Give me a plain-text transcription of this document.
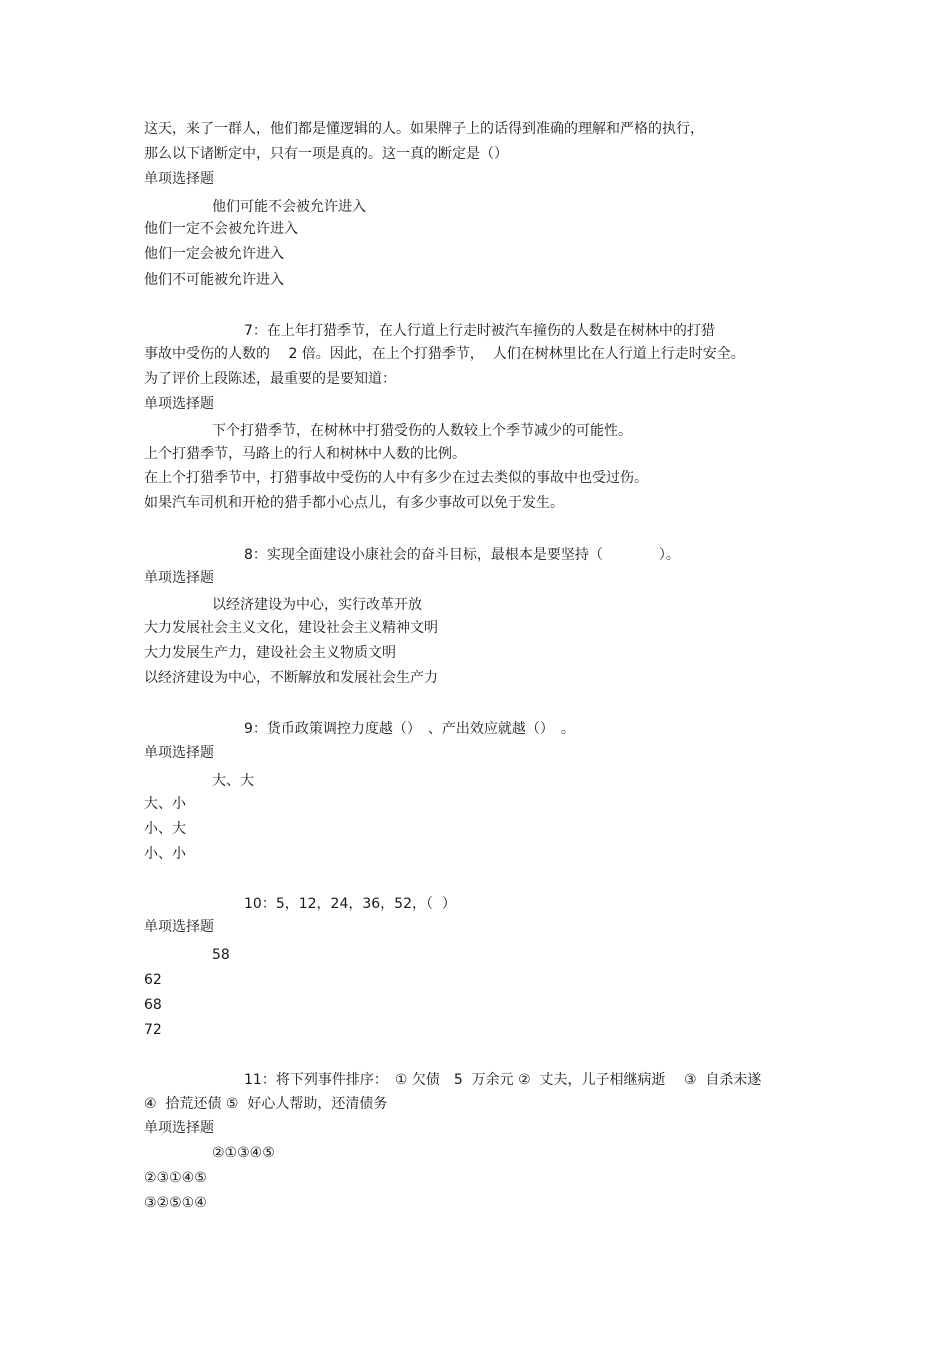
这天，来了一群人，他们都是懂逻辑的人。如果牌子上的话得到准确的理解和严格的执行，
那么以下诸断定中，只有一项是真的。这一真的断定是（）
单项选择题
他们可能不会被允许进入
他们一定不会被允许进入
他们一定会被允许进入
他们不可能被允许进入
7：在上年打猎季节，在人行道上行走时被汽车撞伤的人数是在树林中的打猎
事故中受伤的人数的　 2 倍。因此，在上个打猎季节，  人们在树林里比在人行道上行走时安全。
为了评价上段陈述，最重要的是要知道：
单项选择题
下个打猎季节，在树林中打猎受伤的人数较上个季节减少的可能性。
上个打猎季节，马路上的行人和树林中人数的比例。
在上个打猎季节中，打猎事故中受伤的人中有多少在过去类似的事故中也受过伤。
如果汽车司机和开枪的猎手都小心点儿，有多少事故可以免于发生。
8：实现全面建设小康社会的奋斗目标，最根本是要坚持（　　　　）。
单项选择题
以经济建设为中心，实行改革开放
大力发展社会主义文化，建设社会主义精神文明
大力发展生产力，建设社会主义物质文明
以经济建设为中心，不断解放和发展社会生产力
9：货币政策调控力度越（）　、产出效应就越（）　。
单项选择题
大、大
大、小
小、大
小、小
10：5，12，24，36，52，（  ）
单项选择题
58
62
68
72
11：将下列事件排序：　① 欠债　5  万余元 ②  丈夫，儿子相继病逝　 ③  自杀未遂
④  拾荒还债 ⑤  好心人帮助，还清债务
单项选择题
②①③④⑤
②③①④⑤
③②⑤①④
